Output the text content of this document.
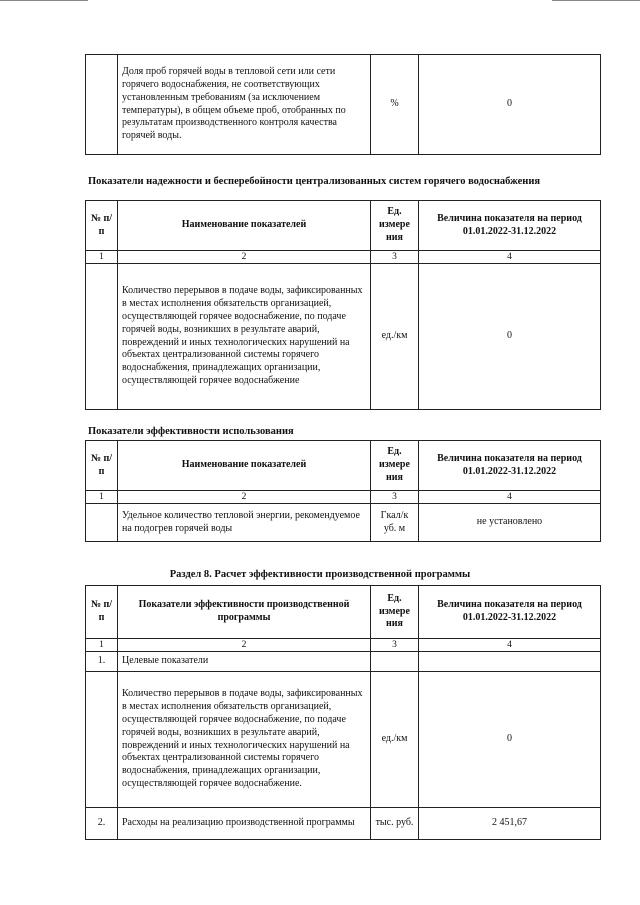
	Доля проб горячей воды в тепловой сети или сети горячего водоснабжения, не соответствующих установленным требованиям (за исключением температуры), в общем объеме проб, отобранных по результатам производственного контроля качества горячей воды.	%	0
Показатели надежности и бесперебойности централизованных систем горячего водоснабжения
№ п/п	Наименование показателей	Ед. измере ния	Величина показателя на период 01.01.2022-31.12.2022
1	2	3	4
	Количество перерывов в подаче воды, зафиксированных в местах исполнения обязательств организацией, осуществляющей горячее водоснабжение, по подаче горячей воды, возникших в результате аварий, повреждений и иных технологических нарушений на объектах централизованной системы горячего водоснабжения, принадлежащих организации, осуществляющей горячее водоснабжение	ед./км	0
Показатели эффективности использования
№ п/п	Наименование показателей	Ед. измере ния	Величина показателя на период 01.01.2022-31.12.2022
1	2	3	4
	Удельное количество тепловой энергии, рекомендуемое на подогрев горячей воды	Гкал/к уб. м	не установлено
Раздел 8. Расчет эффективности производственной программы
№ п/п	Показатели эффективности производственной программы	Ед. измере ния	Величина показателя на период 01.01.2022-31.12.2022
1	2	3	4
1.	Целевые показатели		
	Количество перерывов в подаче воды, зафиксированных в местах исполнения обязательств организацией, осуществляющей горячее водоснабжение, по подаче горячей воды, возникших в результате аварий, повреждений и иных технологических нарушений на объектах централизованной системы горячего водоснабжения, принадлежащих организации, осуществляющей горячее водоснабжение.	ед./км	0
2.	Расходы на реализацию производственной программы	тыс. руб.	2 451,67
